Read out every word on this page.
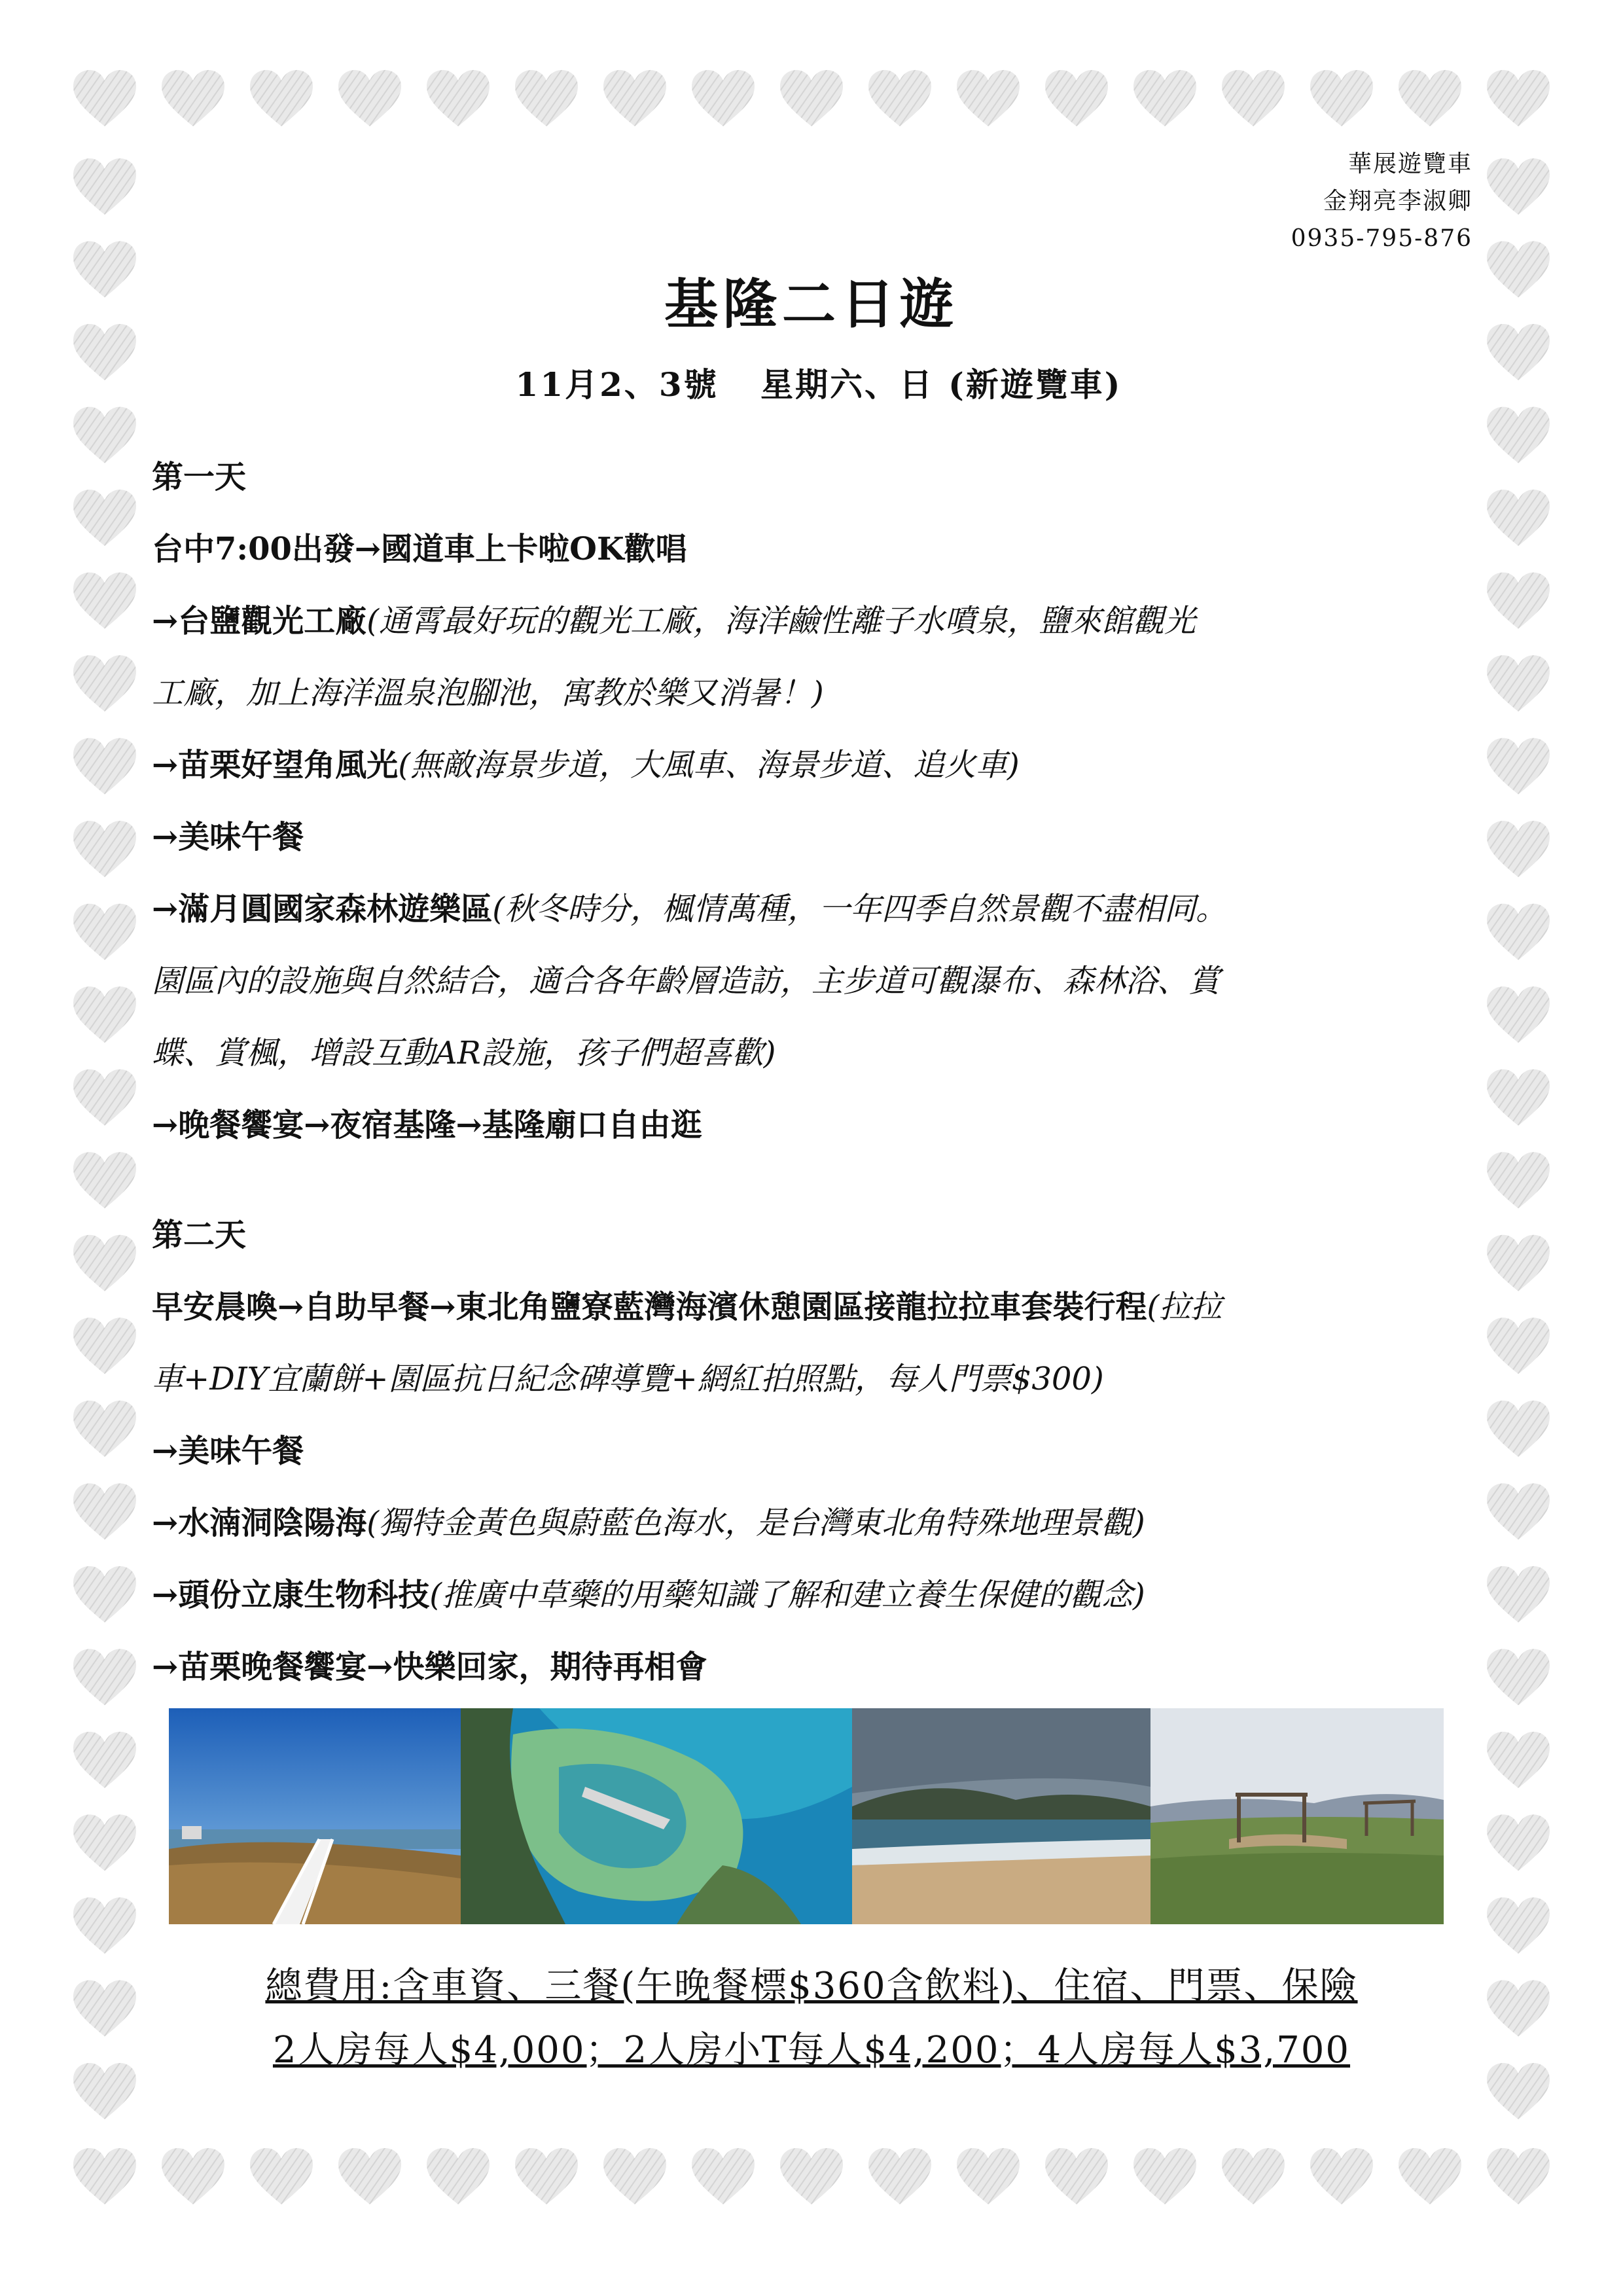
華展遊覽車
金翔亮李淑卿
0935-795-876
基隆二日遊
11月2、3號 星期六、日 (新遊覽車)
第一天
台中7:00出發→國道車上卡啦OK歡唱
→台鹽觀光工廠(通霄最好玩的觀光工廠，海洋鹼性離子水噴泉，鹽來館觀光
工廠，加上海洋溫泉泡腳池，寓教於樂又消暑！)
→苗栗好望角風光(無敵海景步道，大風車、海景步道、追火車)
→美味午餐
→滿月圓國家森林遊樂區(秋冬時分，楓情萬種，一年四季自然景觀不盡相同。
園區內的設施與自然結合，適合各年齡層造訪，主步道可觀瀑布、森林浴、賞
蝶、賞楓，增設互動AR設施，孩子們超喜歡)
→晚餐饗宴→夜宿基隆→基隆廟口自由逛
第二天
早安晨喚→自助早餐→東北角鹽寮藍灣海濱休憩園區接龍拉拉車套裝行程(拉拉
車+DIY宜蘭餅+園區抗日紀念碑導覽+網紅拍照點，每人門票$300)
→美味午餐
→水湳洞陰陽海(獨特金黃色與蔚藍色海水，是台灣東北角特殊地理景觀)
→頭份立康生物科技(推廣中草藥的用藥知識了解和建立養生保健的觀念)
→苗栗晚餐饗宴→快樂回家，期待再相會
總費用:含車資、三餐(午晚餐標$360含飲料)、住宿、門票、保險
2人房每人$4,000；2人房小T每人$4,200；4人房每人$3,700
